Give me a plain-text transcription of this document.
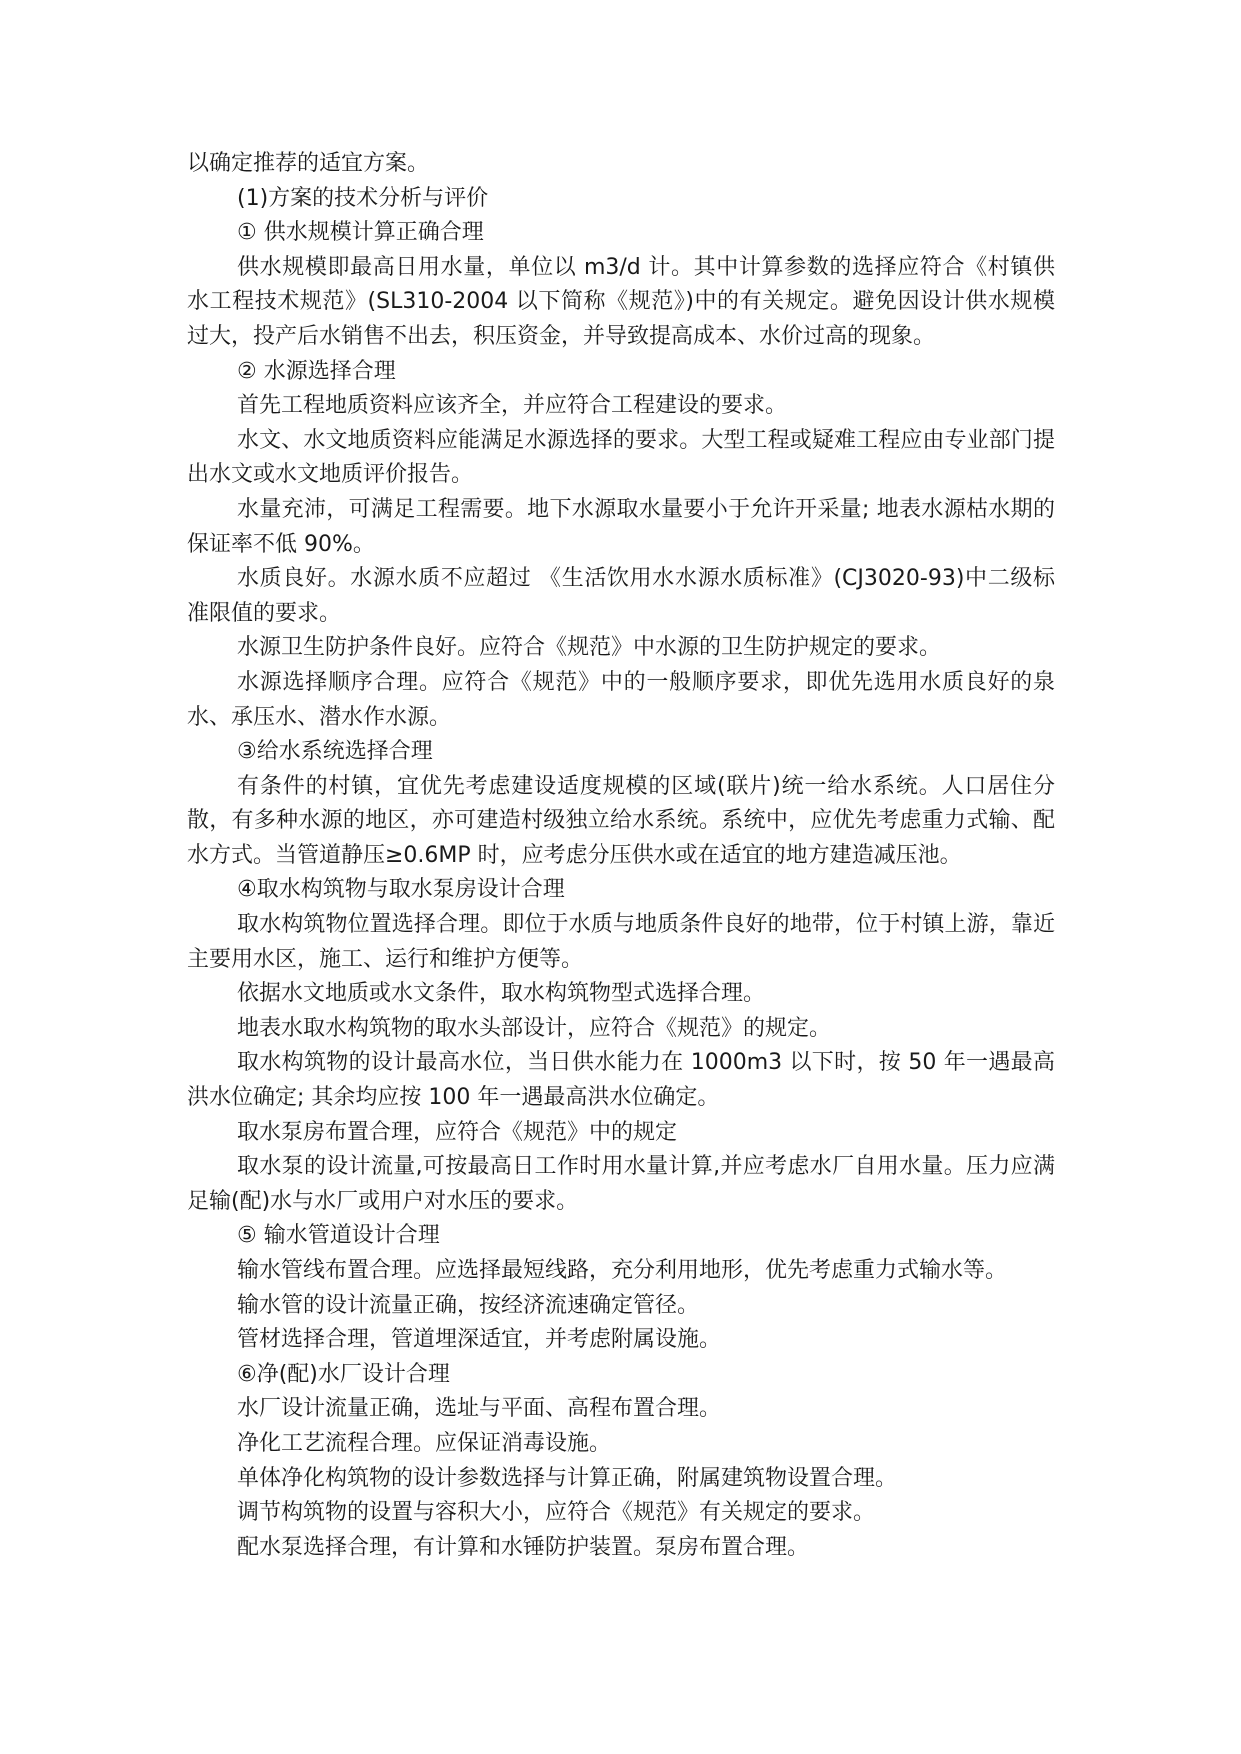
以确定推荐的适宜方案。

(1)方案的技术分析与评价

① 供水规模计算正确合理

供水规模即最高日用水量，单位以 m3/d 计。其中计算参数的选择应符合《村镇供水工程技术规范》(SL310-2004 以下简称《规范》)中的有关规定。避免因设计供水规模过大，投产后水销售不出去，积压资金，并导致提高成本、水价过高的现象。

② 水源选择合理

首先工程地质资料应该齐全，并应符合工程建设的要求。

水文、水文地质资料应能满足水源选择的要求。大型工程或疑难工程应由专业部门提出水文或水文地质评价报告。

水量充沛，可满足工程需要。地下水源取水量要小于允许开采量; 地表水源枯水期的保证率不低 90%。

水质良好。水源水质不应超过 《生活饮用水水源水质标准》(CJ3020-93)中二级标准限值的要求。

水源卫生防护条件良好。应符合《规范》中水源的卫生防护规定的要求。

水源选择顺序合理。应符合《规范》中的一般顺序要求，即优先选用水质良好的泉水、承压水、潜水作水源。

③给水系统选择合理

有条件的村镇，宜优先考虑建设适度规模的区域(联片)统一给水系统。人口居住分散，有多种水源的地区，亦可建造村级独立给水系统。系统中，应优先考虑重力式输、配水方式。当管道静压≥0.6MP 时，应考虑分压供水或在适宜的地方建造减压池。

④取水构筑物与取水泵房设计合理

取水构筑物位置选择合理。即位于水质与地质条件良好的地带，位于村镇上游，靠近主要用水区，施工、运行和维护方便等。

依据水文地质或水文条件，取水构筑物型式选择合理。

地表水取水构筑物的取水头部设计，应符合《规范》的规定。

取水构筑物的设计最高水位，当日供水能力在 1000m3 以下时，按 50 年一遇最高洪水位确定; 其余均应按 100 年一遇最高洪水位确定。

取水泵房布置合理，应符合《规范》中的规定

取水泵的设计流量,可按最高日工作时用水量计算,并应考虑水厂自用水量。压力应满足输(配)水与水厂或用户对水压的要求。

⑤ 输水管道设计合理

输水管线布置合理。应选择最短线路，充分利用地形，优先考虑重力式输水等。

输水管的设计流量正确，按经济流速确定管径。

管材选择合理，管道埋深适宜，并考虑附属设施。

⑥净(配)水厂设计合理

水厂设计流量正确，选址与平面、高程布置合理。

净化工艺流程合理。应保证消毒设施。

单体净化构筑物的设计参数选择与计算正确，附属建筑物设置合理。

调节构筑物的设置与容积大小，应符合《规范》有关规定的要求。

配水泵选择合理，有计算和水锤防护装置。泵房布置合理。
